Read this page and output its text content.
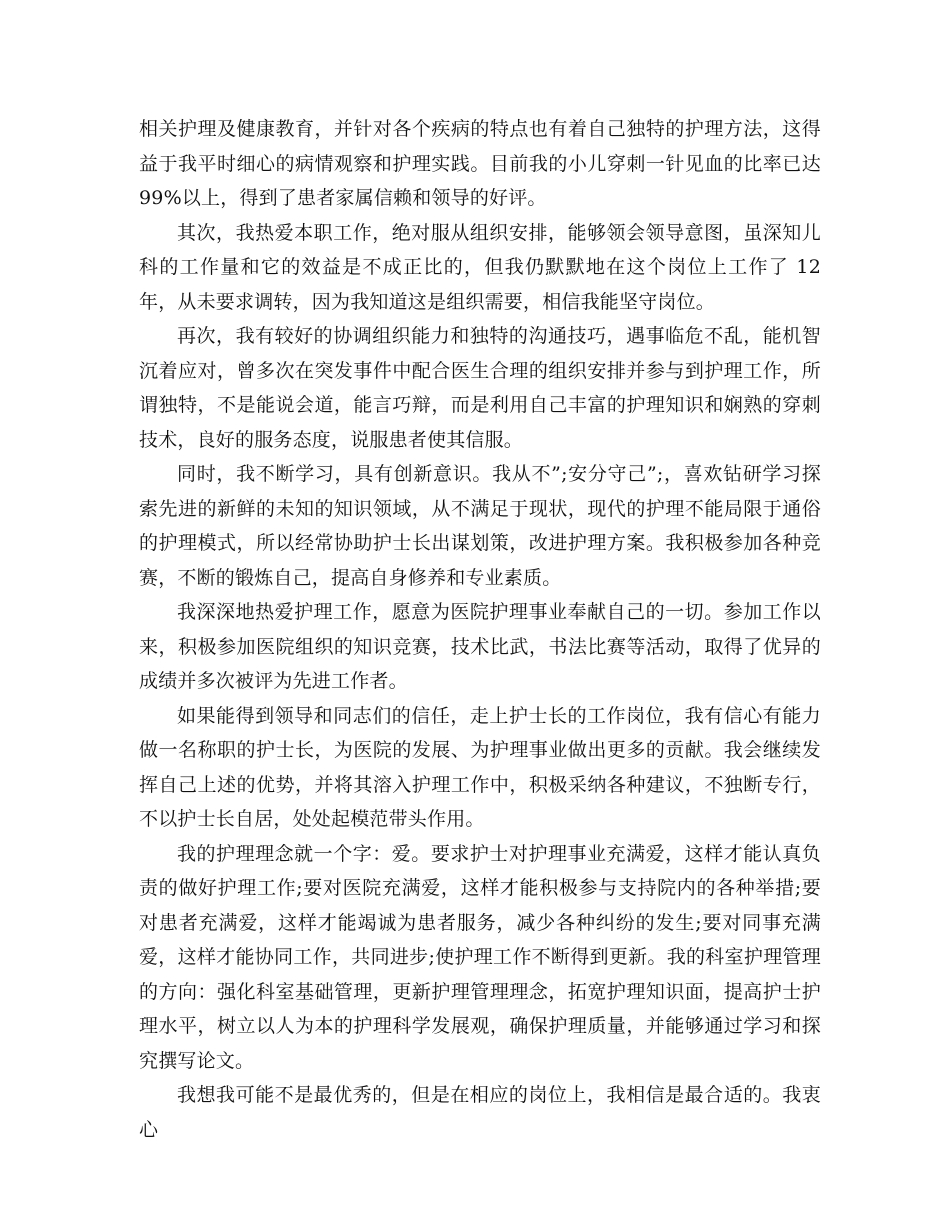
相关护理及健康教育，并针对各个疾病的特点也有着自己独特的护理方法，这得益于我平时细心的病情观察和护理实践。目前我的小儿穿刺一针见血的比率已达 99%以上，得到了患者家属信赖和领导的好评。

其次，我热爱本职工作，绝对服从组织安排，能够领会领导意图，虽深知儿科的工作量和它的效益是不成正比的，但我仍默默地在这个岗位上工作了 12 年，从未要求调转，因为我知道这是组织需要，相信我能坚守岗位。

再次，我有较好的协调组织能力和独特的沟通技巧，遇事临危不乱，能机智沉着应对，曾多次在突发事件中配合医生合理的组织安排并参与到护理工作，所谓独特，不是能说会道，能言巧辩，而是利用自己丰富的护理知识和娴熟的穿刺技术，良好的服务态度，说服患者使其信服。

同时，我不断学习，具有创新意识。我从不”;安分守己”;，喜欢钻研学习探索先进的新鲜的未知的知识领域，从不满足于现状，现代的护理不能局限于通俗的护理模式，所以经常协助护士长出谋划策，改进护理方案。我积极参加各种竞赛，不断的锻炼自己，提高自身修养和专业素质。

我深深地热爱护理工作，愿意为医院护理事业奉献自己的一切。参加工作以来，积极参加医院组织的知识竞赛，技术比武，书法比赛等活动，取得了优异的成绩并多次被评为先进工作者。

如果能得到领导和同志们的信任，走上护士长的工作岗位，我有信心有能力做一名称职的护士长，为医院的发展、为护理事业做出更多的贡献。我会继续发挥自己上述的优势，并将其溶入护理工作中，积极采纳各种建议，不独断专行，不以护士长自居，处处起模范带头作用。

我的护理理念就一个字：爱。要求护士对护理事业充满爱，这样才能认真负责的做好护理工作;要对医院充满爱，这样才能积极参与支持院内的各种举措;要对患者充满爱，这样才能竭诚为患者服务，减少各种纠纷的发生;要对同事充满爱，这样才能协同工作，共同进步;使护理工作不断得到更新。我的科室护理管理的方向：强化科室基础管理，更新护理管理理念，拓宽护理知识面，提高护士护理水平，树立以人为本的护理科学发展观，确保护理质量，并能够通过学习和探究撰写论文。

我想我可能不是最优秀的，但是在相应的岗位上，我相信是最合适的。我衷心
